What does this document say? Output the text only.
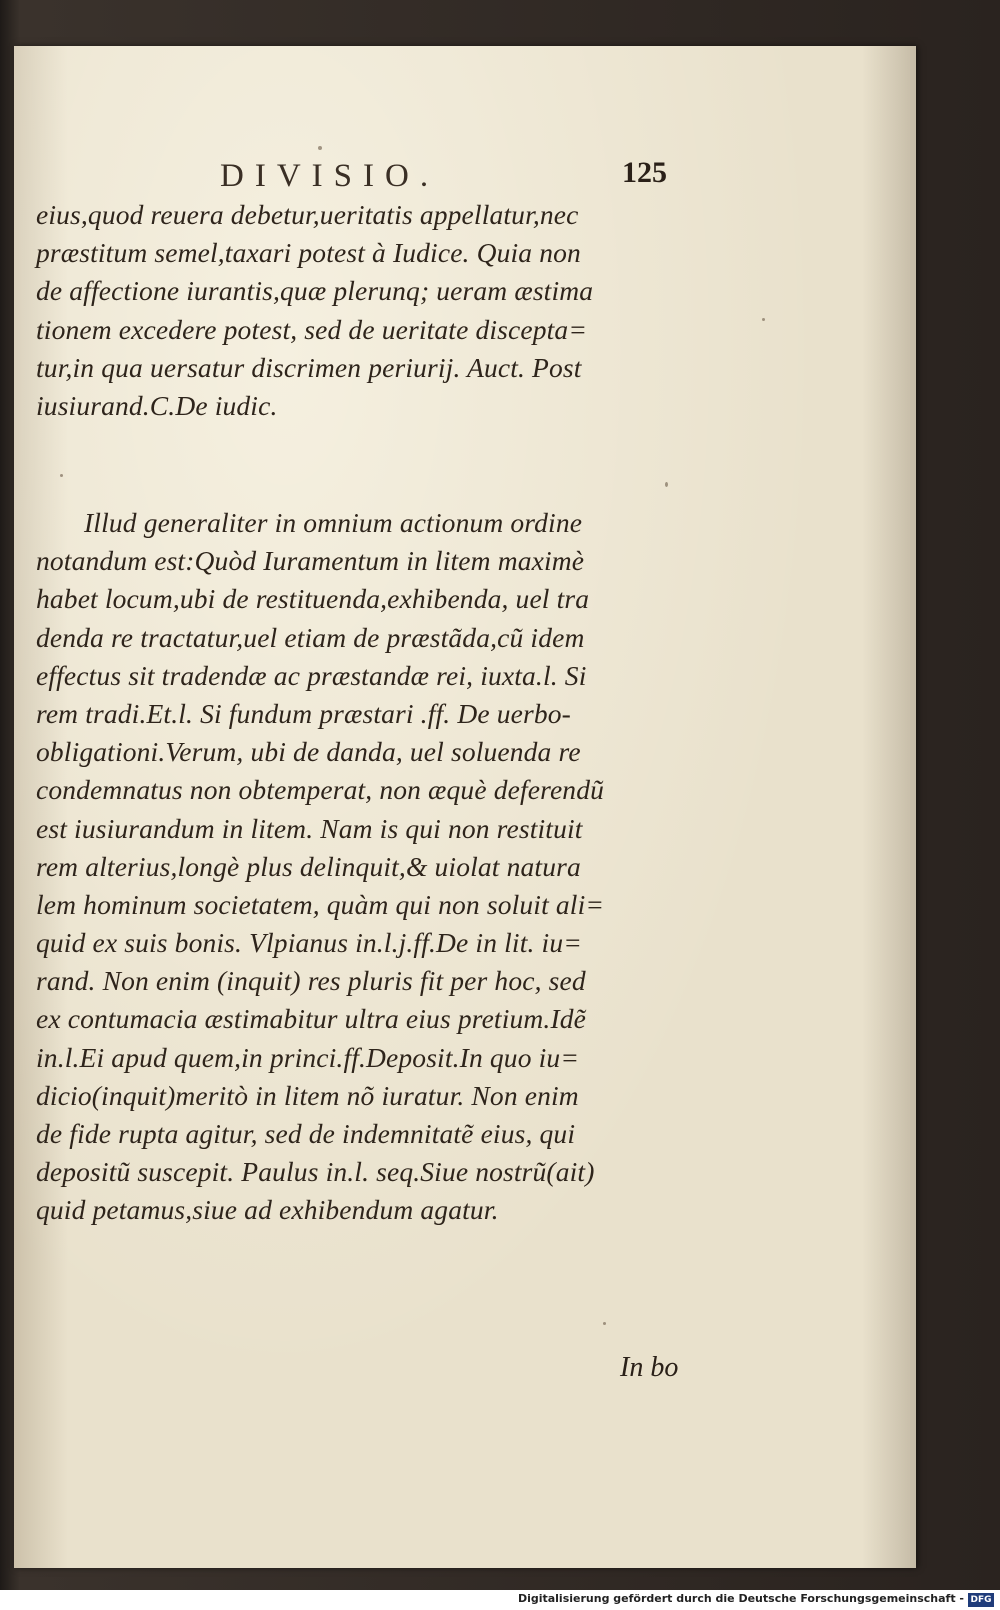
DIVISIO.	125
eius,quod reuera debetur,ueritatis appellatur,nec
præstitum semel,taxari potest à Iudice. Quia non
de affectione iurantis,quæ plerunq; ueram æstima
tionem excedere potest, sed de ueritate discepta=
tur,in qua uersatur discrimen periurij. Auct. Post
iusiurand.C.De iudic.
Illud generaliter in omnium actionum ordine
notandum est:Quòd Iuramentum in litem maximè
habet locum,ubi de restituenda,exhibenda, uel tra
denda re tractatur,uel etiam de præstãda,cũ idem
effectus sit tradendæ ac præstandæ rei, iuxta.l. Si
rem tradi.Et.l. Si fundum præstari .ff. De uerbo-
obligationi.Verum, ubi de danda, uel soluenda re
condemnatus non obtemperat, non æquè deferendũ
est iusiurandum in litem. Nam is qui non restituit
rem alterius,longè plus delinquit,& uiolat natura
lem hominum societatem, quàm qui non soluit ali=
quid ex suis bonis. Vlpianus in.l.j.ff.De in lit. iu=
rand. Non enim (inquit) res pluris fit per hoc, sed
ex contumacia æstimabitur ultra eius pretium.Idẽ
in.l.Ei apud quem,in princi.ff.Deposit.In quo iu=
dicio(inquit)meritò in litem nõ iuratur. Non enim
de fide rupta agitur, sed de indemnitatẽ eius, qui
depositũ suscepit. Paulus in.l. seq.Siue nostrũ(ait)
quid petamus,siue ad exhibendum agatur.
In bo
Digitalisierung gefördert durch die Deutsche Forschungsgemeinschaft - DFG
